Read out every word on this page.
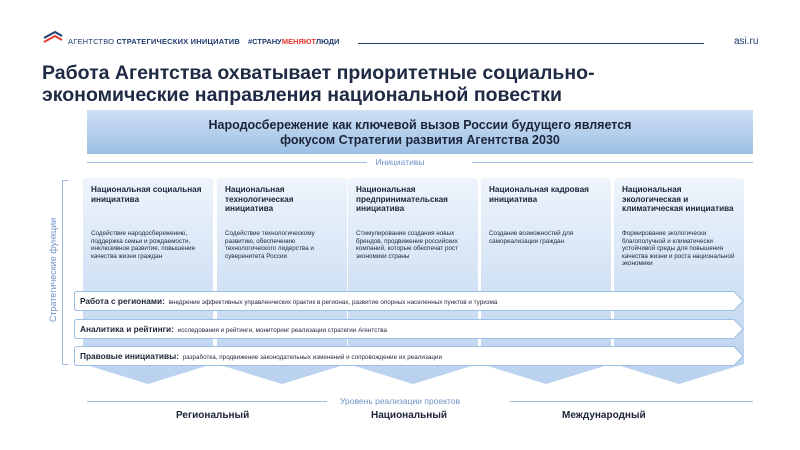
АГЕНТСТВО СТРАТЕГИЧЕСКИХ ИНИЦИАТИВ #СТРАНУМЕНЯЮТЛЮДИ	asi.ru
Работа Агентства охватывает приоритетные социально-
экономические направления национальной повестки
Народосбережение как ключевой вызов России будущего является
фокусом Стратегии развития Агентства 2030
Инициативы
Стратегические функции
Национальная социальная инициатива
Содействие народосбережению, поддержка семьи и рождаемости, инклюзивное развитие, повышение качества жизни граждан
Национальная технологическая инициатива
Содействие технологическому развитию, обеспечению технологического лидерства и суверенитета России
Национальная предпринимательская инициатива
Стимулирование создания новых брендов, продвижение российских компаний, которые обеспечат рост экономики страны
Национальная кадровая инициатива
Создание возможностей для самореализации граждан
Национальная экологическая и климатическая инициатива
Формирование экологически благополучной и климатически устойчивой среды для повышения качества жизни и роста национальной экономики
Работа с регионами: внедрение эффективных управленческих практик в регионах, развитие опорных населенных пунктов и туризма
Аналитика и рейтинги: исследования и рейтинги, мониторинг реализации стратегии Агентства
Правовые инициативы: разработка, продвижение законодательных изменений и сопровождение их реализации
Уровень реализации проектов
Региональный	Национальный	Международный
